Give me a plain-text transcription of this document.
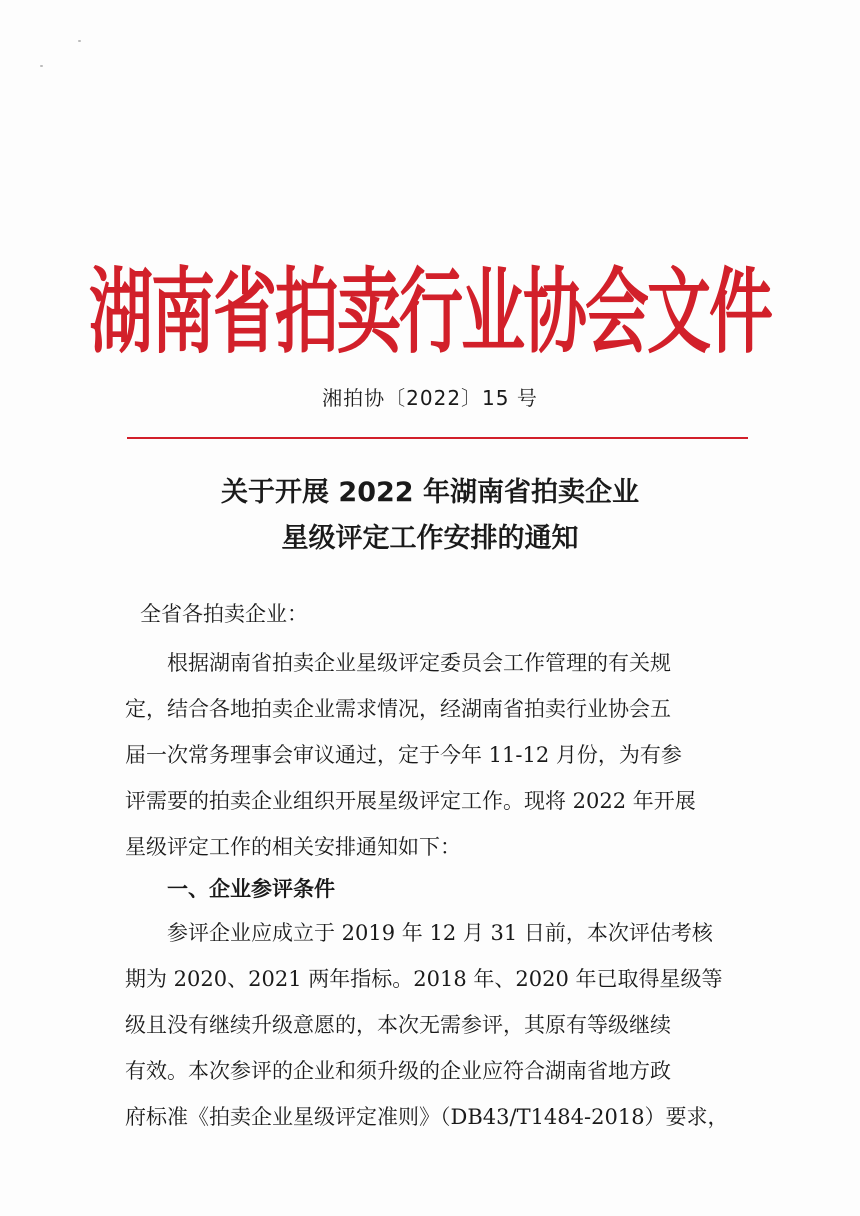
湖南省拍卖行业协会文件
湘拍协〔2022〕15 号
关于开展 2022 年湖南省拍卖企业
星级评定工作安排的通知
全省各拍卖企业：
　　根据湖南省拍卖企业星级评定委员会工作管理的有关规
定，结合各地拍卖企业需求情况，经湖南省拍卖行业协会五
届一次常务理事会审议通过，定于今年 11-12 月份，为有参
评需要的拍卖企业组织开展星级评定工作。现将 2022 年开展
星级评定工作的相关安排通知如下：
　　一、企业参评条件
　　参评企业应成立于 2019 年 12 月 31 日前，本次评估考核
期为 2020、2021 两年指标。2018 年、2020 年已取得星级等
级且没有继续升级意愿的，本次无需参评，其原有等级继续
有效。本次参评的企业和须升级的企业应符合湖南省地方政
府标准《拍卖企业星级评定准则》（DB43/T1484-2018）要求，
